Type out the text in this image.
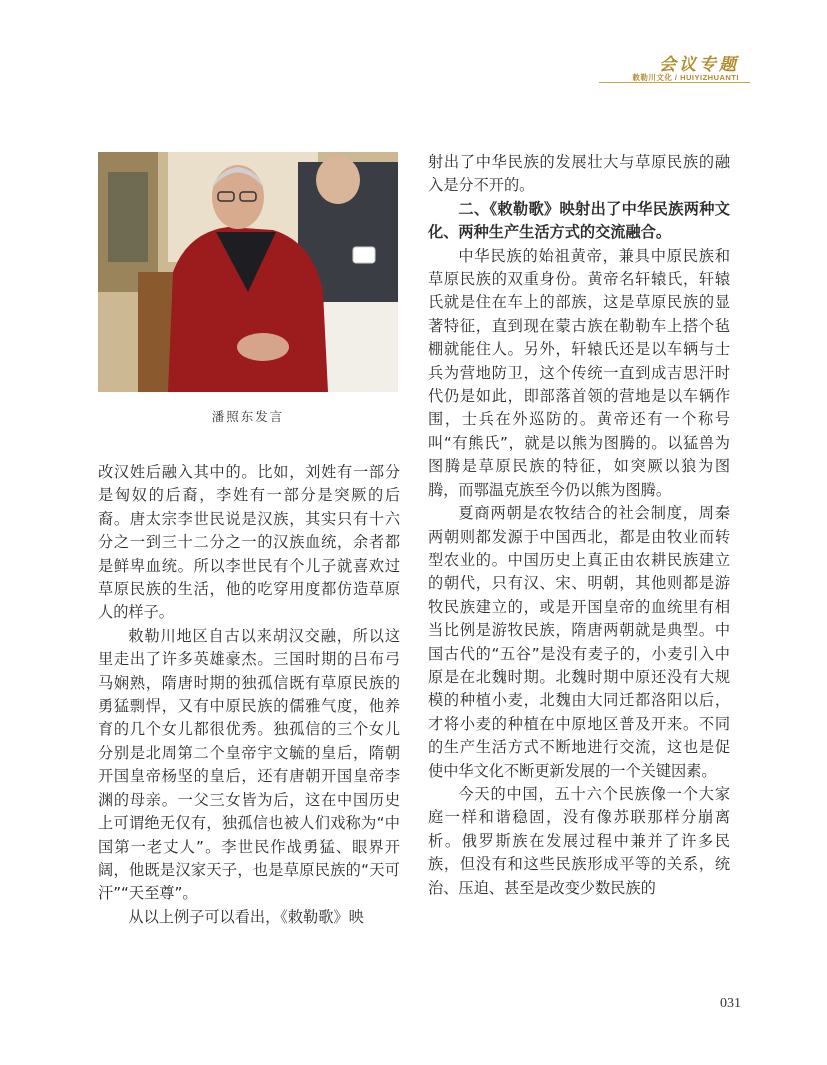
会议专题
敕勒川文化 / HUIYIZHUANTI
潘照东发言

改汉姓后融入其中的。比如，刘姓有一部分是匈奴的后裔，李姓有一部分是突厥的后裔。唐太宗李世民说是汉族，其实只有十六分之一到三十二分之一的汉族血统，余者都是鲜卑血统。所以李世民有个儿子就喜欢过草原民族的生活，他的吃穿用度都仿造草原人的样子。

敕勒川地区自古以来胡汉交融，所以这里走出了许多英雄豪杰。三国时期的吕布弓马娴熟，隋唐时期的独孤信既有草原民族的勇猛剽悍，又有中原民族的儒雅气度，他养育的几个女儿都很优秀。独孤信的三个女儿分别是北周第二个皇帝宇文毓的皇后，隋朝开国皇帝杨坚的皇后，还有唐朝开国皇帝李渊的母亲。一父三女皆为后，这在中国历史上可谓绝无仅有，独孤信也被人们戏称为“中国第一老丈人”。李世民作战勇猛、眼界开阔，他既是汉家天子，也是草原民族的“天可汗”“天至尊”。

从以上例子可以看出，《敕勒歌》映

射出了中华民族的发展壮大与草原民族的融入是分不开的。

二、《敕勒歌》映射出了中华民族两种文化、两种生产生活方式的交流融合。

中华民族的始祖黄帝，兼具中原民族和草原民族的双重身份。黄帝名轩辕氏，轩辕氏就是住在车上的部族，这是草原民族的显著特征，直到现在蒙古族在勒勒车上搭个毡棚就能住人。另外，轩辕氏还是以车辆与士兵为营地防卫，这个传统一直到成吉思汗时代仍是如此，即部落首领的营地是以车辆作围，士兵在外巡防的。黄帝还有一个称号叫“有熊氏”，就是以熊为图腾的。以猛兽为图腾是草原民族的特征，如突厥以狼为图腾，而鄂温克族至今仍以熊为图腾。

夏商两朝是农牧结合的社会制度，周秦两朝则都发源于中国西北，都是由牧业而转型农业的。中国历史上真正由农耕民族建立的朝代，只有汉、宋、明朝，其他则都是游牧民族建立的，或是开国皇帝的血统里有相当比例是游牧民族，隋唐两朝就是典型。中国古代的“五谷”是没有麦子的，小麦引入中原是在北魏时期。北魏时期中原还没有大规模的种植小麦，北魏由大同迁都洛阳以后，才将小麦的种植在中原地区普及开来。不同的生产生活方式不断地进行交流，这也是促使中华文化不断更新发展的一个关键因素。

今天的中国，五十六个民族像一个大家庭一样和谐稳固，没有像苏联那样分崩离析。俄罗斯族在发展过程中兼并了许多民族，但没有和这些民族形成平等的关系，统治、压迫、甚至是改变少数民族的

031
